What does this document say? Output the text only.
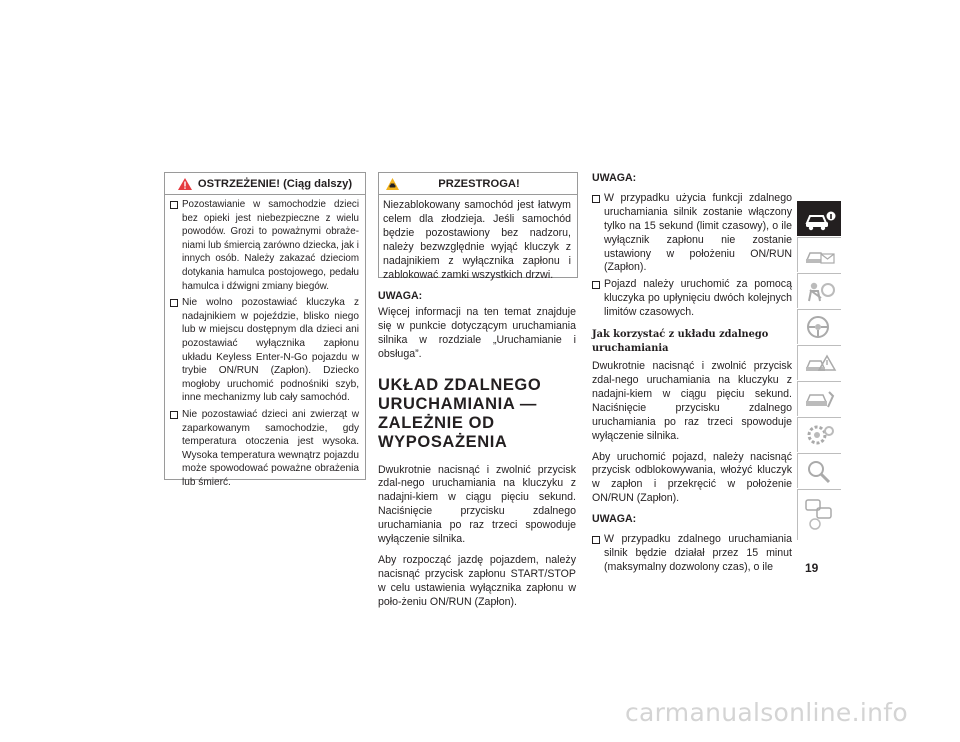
OSTRZEŻENIE! (Ciąg dalszy)
Pozostawianie w samochodzie dzieci bez opieki jest niebezpieczne z wielu powodów. Grozi to poważnymi obraże-niami lub śmiercią zarówno dziecka, jak i innych osób. Należy zakazać dzieciom dotykania hamulca postojowego, pedału hamulca i dźwigni zmiany biegów.
Nie wolno pozostawiać kluczyka z nadajnikiem w pojeździe, blisko niego lub w miejscu dostępnym dla dzieci ani pozostawiać wyłącznika zapłonu układu Keyless Enter-N-Go pojazdu w trybie ON/RUN (Zapłon). Dziecko mogłoby uruchomić podnośniki szyb, inne mechanizmy lub cały samochód.
Nie pozostawiać dzieci ani zwierząt w zaparkowanym samochodzie, gdy temperatura otoczenia jest wysoka. Wysoka temperatura wewnątrz pojazdu może spowodować poważne obrażenia lub śmierć.
PRZESTROGA!
Niezablokowany samochód jest łatwym celem dla złodzieja. Jeśli samochód będzie pozostawiony bez nadzoru, należy bezwzględnie wyjąć kluczyk z nadajnikiem z wyłącznika zapłonu i zablokować zamki wszystkich drzwi.
UWAGA:
Więcej informacji na ten temat znajduje się w punkcie dotyczącym uruchamiania silnika w rozdziale „Uruchamianie i obsługa”.
UKŁAD ZDALNEGO URUCHAMIANIA — ZALEŻNIE OD WYPOSAŻENIA
Dwukrotnie nacisnąć i zwolnić przycisk zdal-nego uruchamiania na kluczyku z nadajni-kiem w ciągu pięciu sekund. Naciśnięcie przycisku zdalnego uruchamiania po raz trzeci spowoduje wyłączenie silnika.
Aby rozpocząć jazdę pojazdem, należy nacisnąć przycisk zapłonu START/STOP w celu ustawienia wyłącznika zapłonu w poło-żeniu ON/RUN (Zapłon).
UWAGA:
W przypadku użycia funkcji zdalnego uruchamiania silnik zostanie włączony tylko na 15 sekund (limit czasowy), o ile wyłącznik zapłonu nie zostanie ustawiony w położeniu ON/RUN (Zapłon).
Pojazd należy uruchomić za pomocą kluczyka po upłynięciu dwóch kolejnych limitów czasowych.
Jak korzystać z układu zdalnego uruchamiania
Dwukrotnie nacisnąć i zwolnić przycisk zdal-nego uruchamiania na kluczyku z nadajni-kiem w ciągu pięciu sekund. Naciśnięcie przycisku zdalnego uruchamiania po raz trzeci spowoduje wyłączenie silnika.
Aby uruchomić pojazd, należy nacisnąć przycisk odblokowywania, włożyć kluczyk w zapłon i przekręcić w położenie ON/RUN (Zapłon).
UWAGA:
W przypadku zdalnego uruchamiania silnik będzie działał przez 15 minut (maksymalny dozwolony czas), o ile	19
carmanualsonline.info
